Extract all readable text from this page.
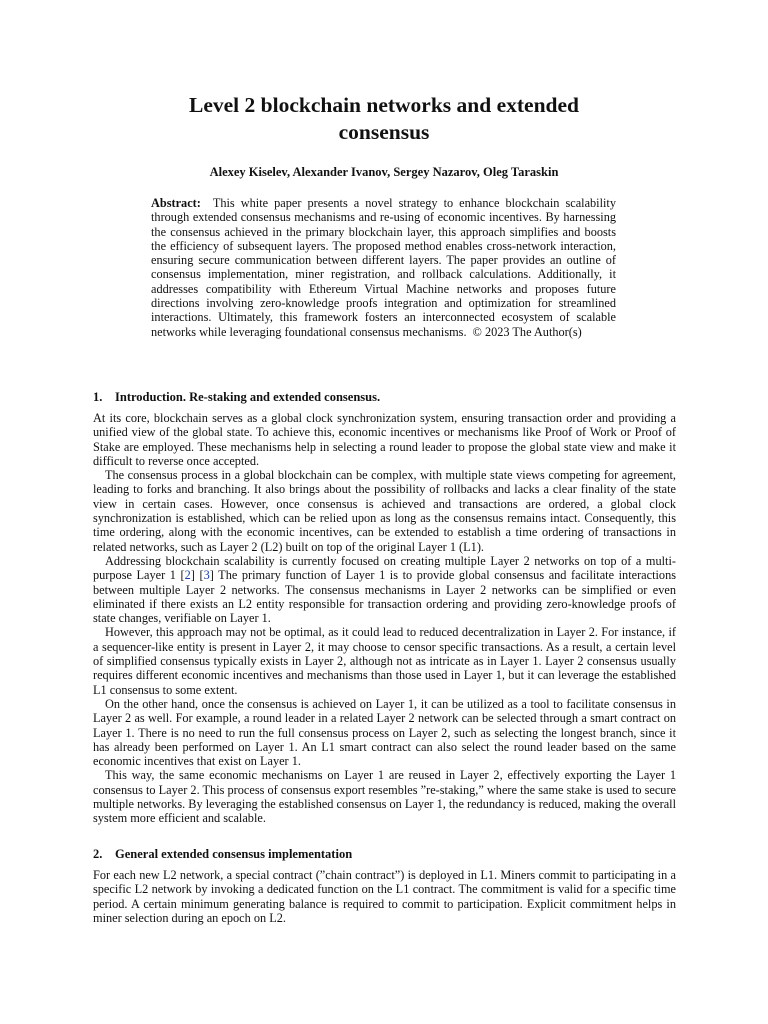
Level 2 blockchain networks and extended
consensus
Alexey Kiselev, Alexander Ivanov, Sergey Nazarov, Oleg Taraskin
Abstract: This white paper presents a novel strategy to enhance blockchain scalability through extended consensus mechanisms and re-using of economic incentives. By harnessing the consensus achieved in the primary blockchain layer, this approach simplifies and boosts the efficiency of subsequent layers. The proposed method enables cross-network interaction, ensuring secure communication between different layers. The paper provides an outline of consensus implementation, miner registration, and rollback calculations. Additionally, it addresses compatibility with Ethereum Virtual Machine networks and proposes future directions involving zero-knowledge proofs integration and optimization for streamlined interactions. Ultimately, this framework fosters an interconnected ecosystem of scalable networks while leveraging foundational consensus mechanisms. © 2023 The Author(s)
1. Introduction. Re-staking and extended consensus.

At its core, blockchain serves as a global clock synchronization system, ensuring transaction order and providing a unified view of the global state. To achieve this, economic incentives or mechanisms like Proof of Work or Proof of Stake are employed. These mechanisms help in selecting a round leader to propose the global state view and make it difficult to reverse once accepted.

The consensus process in a global blockchain can be complex, with multiple state views competing for agreement, leading to forks and branching. It also brings about the possibility of rollbacks and lacks a clear finality of the state view in certain cases. However, once consensus is achieved and transactions are ordered, a global clock synchronization is established, which can be relied upon as long as the consensus remains intact. Consequently, this time ordering, along with the economic incentives, can be extended to establish a time ordering of transactions in related networks, such as Layer 2 (L2) built on top of the original Layer 1 (L1).

Addressing blockchain scalability is currently focused on creating multiple Layer 2 networks on top of a multi-purpose Layer 1 [2] [3] The primary function of Layer 1 is to provide global consensus and facilitate interactions between multiple Layer 2 networks. The consensus mechanisms in Layer 2 networks can be simplified or even eliminated if there exists an L2 entity responsible for transaction ordering and providing zero-knowledge proofs of state changes, verifiable on Layer 1.

However, this approach may not be optimal, as it could lead to reduced decentralization in Layer 2. For instance, if a sequencer-like entity is present in Layer 2, it may choose to censor specific transactions. As a result, a certain level of simplified consensus typically exists in Layer 2, although not as intricate as in Layer 1. Layer 2 consensus usually requires different economic incentives and mechanisms than those used in Layer 1, but it can leverage the established L1 consensus to some extent.

On the other hand, once the consensus is achieved on Layer 1, it can be utilized as a tool to facilitate consensus in Layer 2 as well. For example, a round leader in a related Layer 2 network can be selected through a smart contract on Layer 1. There is no need to run the full consensus process on Layer 2, such as selecting the longest branch, since it has already been performed on Layer 1. An L1 smart contract can also select the round leader based on the same economic incentives that exist on Layer 1.

This way, the same economic mechanisms on Layer 1 are reused in Layer 2, effectively exporting the Layer 1 consensus to Layer 2. This process of consensus export resembles ”re-staking,” where the same stake is used to secure multiple networks. By leveraging the established consensus on Layer 1, the redundancy is reduced, making the overall system more efficient and scalable.

2. General extended consensus implementation

For each new L2 network, a special contract (”chain contract”) is deployed in L1. Miners commit to participating in a specific L2 network by invoking a dedicated function on the L1 contract. The commitment is valid for a specific time period. A certain minimum generating balance is required to commit to participation. Explicit commitment helps in miner selection during an epoch on L2.
